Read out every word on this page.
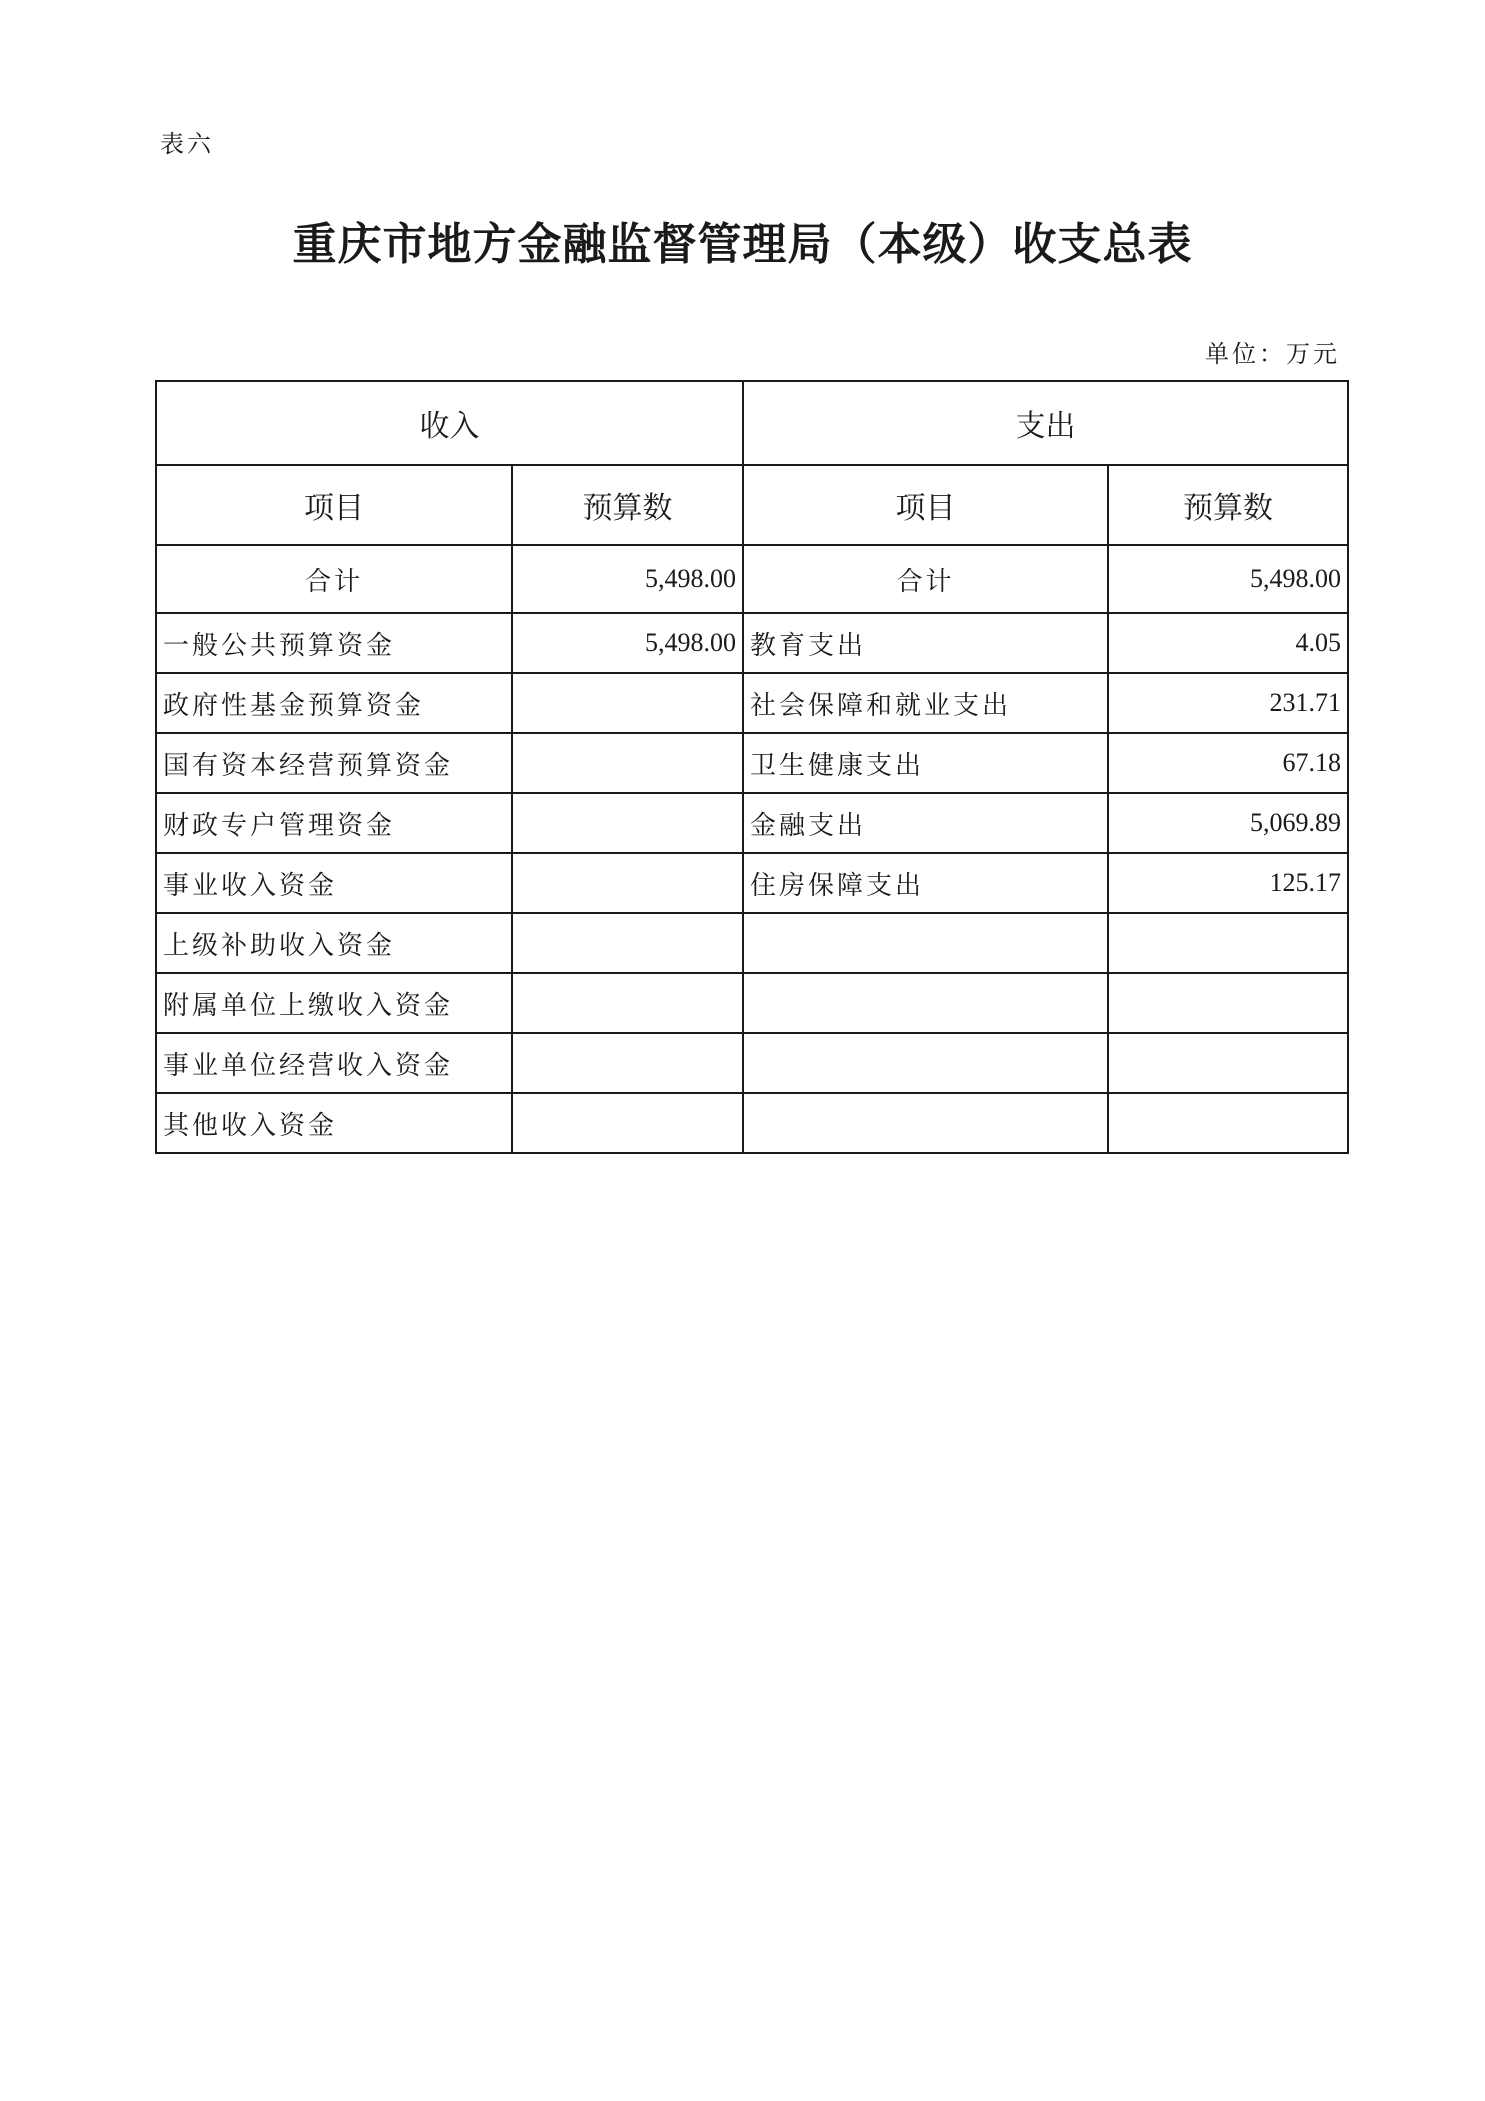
表六
重庆市地方金融监督管理局（本级）收支总表
单位：万元
收入		支出	
项目	预算数	项目	预算数
合计	5,498.00	合计	5,498.00
一般公共预算资金	5,498.00	教育支出	4.05
政府性基金预算资金		社会保障和就业支出	231.71
国有资本经营预算资金		卫生健康支出	67.18
财政专户管理资金		金融支出	5,069.89
事业收入资金		住房保障支出	125.17
上级补助收入资金			
附属单位上缴收入资金			
事业单位经营收入资金			
其他收入资金			
